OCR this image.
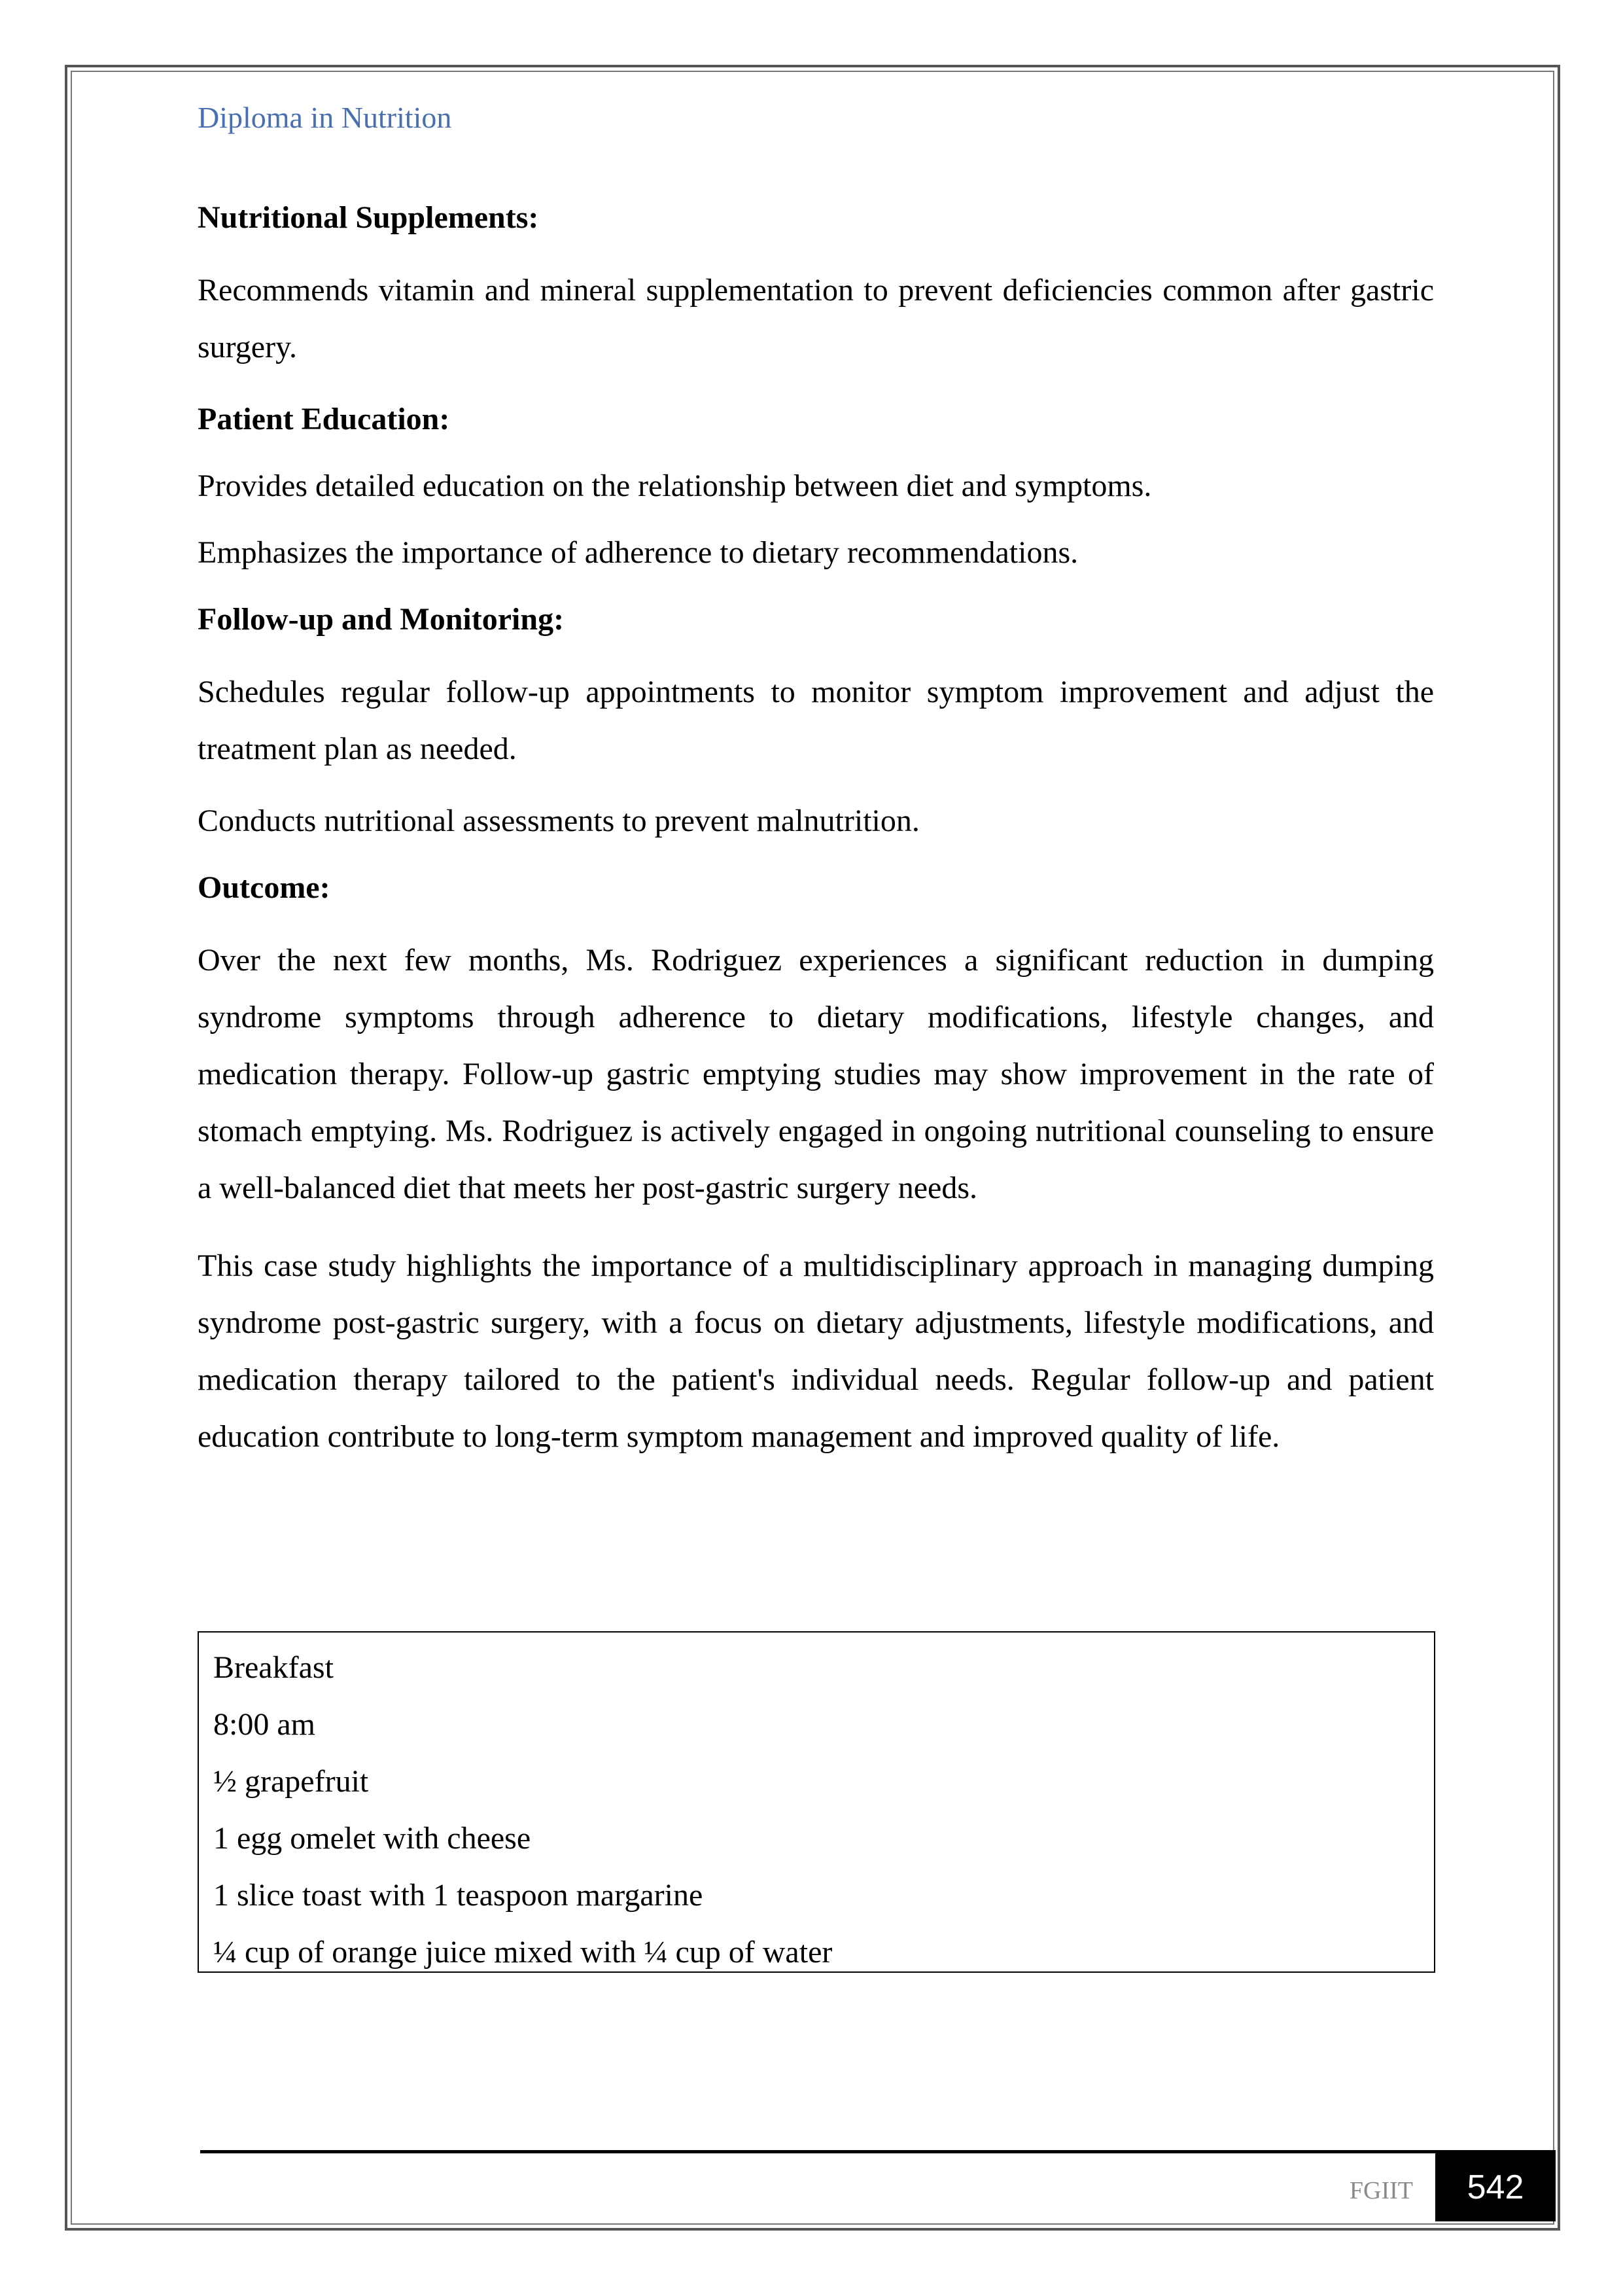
Diploma in Nutrition
Nutritional Supplements:

Recommends vitamin and mineral supplementation to prevent deficiencies common after gastric surgery.

Patient Education:

Provides detailed education on the relationship between diet and symptoms.

Emphasizes the importance of adherence to dietary recommendations.

Follow-up and Monitoring:

Schedules regular follow-up appointments to monitor symptom improvement and adjust the treatment plan as needed.

Conducts nutritional assessments to prevent malnutrition.

Outcome:

Over the next few months, Ms. Rodriguez experiences a significant reduction in dumping syndrome symptoms through adherence to dietary modifications, lifestyle changes, and medication therapy. Follow-up gastric emptying studies may show improvement in the rate of stomach emptying. Ms. Rodriguez is actively engaged in ongoing nutritional counseling to ensure a well-balanced diet that meets her post-gastric surgery needs.

This case study highlights the importance of a multidisciplinary approach in managing dumping syndrome post-gastric surgery, with a focus on dietary adjustments, lifestyle modifications, and medication therapy tailored to the patient's individual needs. Regular follow-up and patient education contribute to long-term symptom management and improved quality of life.

Breakfast
8:00 am
½ grapefruit
1 egg omelet with cheese
1 slice toast with 1 teaspoon margarine
¼ cup of orange juice mixed with ¼ cup of water
FGIIT	542
